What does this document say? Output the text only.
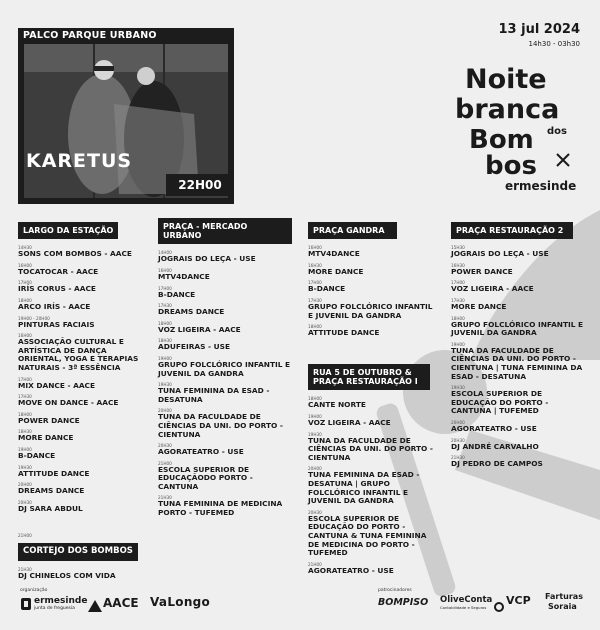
PALCO PARQUE URBANO
KARETUS
22H00
13 jul 2024
14h30 - 03h30
Noite
branca
dos
Bom
bos
ermesinde
LARGO DA ESTAÇÃO
14H30
SONS COM BOMBOS - AACE
16H00
TOCATOCAR - AACE
17H00
IRÍS CORUS - AACE
18H00
ARCO IRÍS - AACE
19H00 - 20H00
PINTURAS FACIAIS
16H00
ASSOCIAÇÃO CULTURAL E ARTÍSTICA DE DANÇA ORIENTAL, YOGA E TERAPIAS NATURAIS - 3ª ESSÊNCIA
17H00
MIX DANCE - AACE
17H30
MOVE ON DANCE - AACE
18H00
POWER DANCE
18H30
MORE DANCE
19H00
B-DANCE
19H30
ATTITUDE DANCE
20H00
DREAMS DANCE
20H30
DJ SARA ABDUL
21H00
CORTEJO DOS BOMBOS
21H30
DJ CHINELOS COM VIDA
PRAÇA - MERCADO URBANO
14H00
JOGRAIS DO LEÇA - USE
16H00
MTV4DANCE
17H00
B-DANCE
17H30
DREAMS DANCE
18H00
VOZ LIGEIRA - AACE
18H30
ADUFEIRAS - USE
19H00
GRUPO FOLCLÓRICO INFANTIL E JUVENIL DA GANDRA
19H30
TUNA FEMININA DA ESAD - DESATUNA
20H00
TUNA DA FACULDADE DE CIÊNCIAS DA UNI. DO PORTO - CIENTUNA
20H30
AGORATEATRO - USE
21H00
ESCOLA SUPERIOR DE EDUCAÇÃODO PORTO - CANTUNA
21H30
TUNA FEMININA DE MEDICINA PORTO - TUFEMED
PRAÇA GANDRA
16H00
MTV4DANCE
16H30
MORE DANCE
17H00
B-DANCE
17H30
GRUPO FOLCLÓRICO INFANTIL E JUVENIL DA GANDRA
18H00
ATTITUDE DANCE
RUA 5 DE OUTUBRO & PRAÇA RESTAURAÇÃO I
18H00
CANTE NORTE
19H00
VOZ LIGEIRA - AACE
19H30
TUNA DA FACULDADE DE CIÊNCIAS DA UNI. DO PORTO - CIENTUNA
20H00
TUNA FEMININA DA ESAD - DESATUNA | GRUPO FOLCLÓRICO INFANTIL E JUVENIL DA GANDRA
20H30
ESCOLA SUPERIOR DE EDUCAÇÃO DO PORTO - CANTUNA & TUNA FEMININA DE MEDICINA DO PORTO - TUFEMED
21H00
AGORATEATRO - USE
PRAÇA RESTAURAÇÃO 2
15H30
JOGRAIS DO LEÇA - USE
16H30
POWER DANCE
17H00
VOZ LIGEIRA - AACE
17H30
MORE DANCE
18H00
GRUPO FOLCLÓRICO INFANTIL E JUVENIL DA GANDRA
19H00
TUNA DA FACULDADE DE CIÊNCIAS DA UNI. DO PORTO - CIENTUNA | TUNA FEMININA DA ESAD - DESATUNA
19H30
ESCOLA SUPERIOR DE EDUCAÇÃO DO PORTO - CANTUNA | TUFEMED
20H00
AGORATEATRO - USE
20H30
DJ ANDRÉ CARVALHO
21H30
DJ PEDRO DE CAMPOS
organização
ermesinde
junta de freguesia AACE VaLongo
patrocinadores
BOMPISO OliveConta
Contabilidade e Seguros
VCP Farturas
Soraia
